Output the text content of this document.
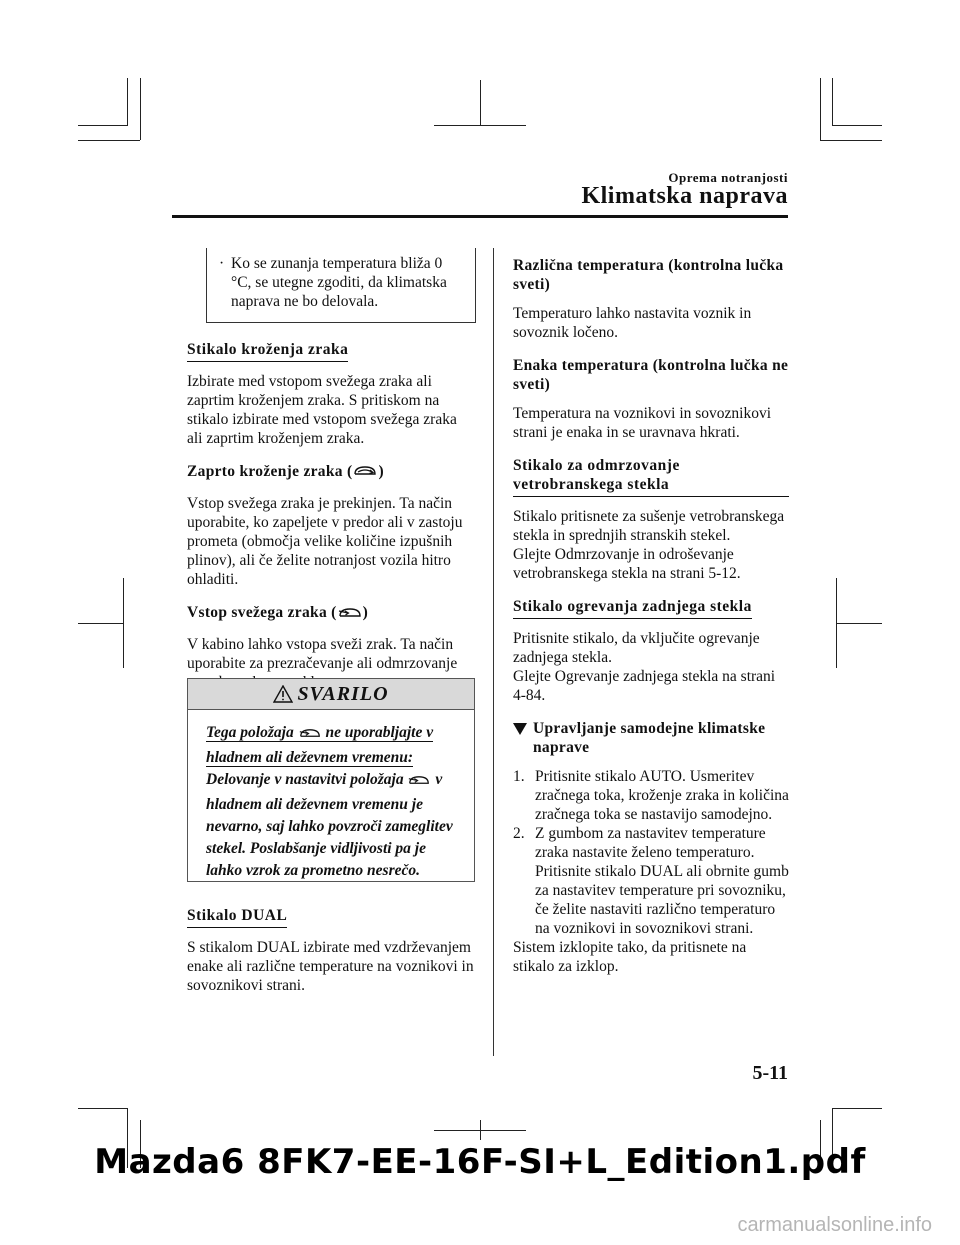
Oprema notranjosti
Klimatska naprava
· Ko se zunanja temperatura bliža 0 °C, se utegne zgoditi, da klimatska naprava ne bo delovala.
Stikalo kroženja zraka

Izbirate med vstopom svežega zraka ali zaprtim kroženjem zraka. S pritiskom na stikalo izbirate med vstopom svežega zraka ali zaprtim kroženjem zraka.

Zaprto kroženje zraka ( )

Vstop svežega zraka je prekinjen. Ta način uporabite, ko zapeljete v predor ali v zastoju prometa (območja velike količine izpušnih plinov), ali če želite notranjost vozila hitro ohladiti.

Vstop svežega zraka ( )

V kabino lahko vstopa sveži zrak. Ta način uporabite za prezračevanje ali odmrzovanje

SVARILO
Tega položaja ne uporabljajte v hladnem ali deževnem vremenu:
Delovanje v nastavitvi položaja v hladnem ali deževnem vremenu je nevarno, saj lahko povzroči zameglitev stekel. Poslabšanje vidljivosti pa je lahko vzrok za prometno nesrečo.
Stikalo DUAL

S stikalom DUAL izbirate med vzdrževanjem enake ali različne temperature na voznikovi in sovoznikovi strani.

Različna temperatura (kontrolna lučka sveti)

Temperaturo lahko nastavita voznik in sovoznik ločeno.

Enaka temperatura (kontrolna lučka ne sveti)

Temperatura na voznikovi in sovoznikovi strani je enaka in se uravnava hkrati.

Stikalo za odmrzovanje vetrobranskega stekla

Stikalo pritisnete za sušenje vetrobranskega stekla in sprednjih stranskih stekel.

Glejte Odmrzovanje in odroševanje vetrobranskega stekla na strani 5-12.

Stikalo ogrevanja zadnjega stekla

Pritisnite stikalo, da vključite ogrevanje zadnjega stekla.

Glejte Ogrevanje zadnjega stekla na strani 4-84.

Upravljanje samodejne klimatske naprave
1. Pritisnite stikalo AUTO. Usmeritev zračnega toka, kroženje zraka in količina zračnega toka se nastavijo samodejno.
2. Z gumbom za nastavitev temperature zraka nastavite želeno temperaturo. Pritisnite stikalo DUAL ali obrnite gumb za nastavitev temperature pri sovozniku, če želite nastaviti različno temperaturo na voznikovi in sovoznikovi strani.

Sistem izklopite tako, da pritisnete na stikalo za izklop.

5-11
Mazda6 8FK7-EE-16F-SI+L_Edition1.pdf
carmanualsonline.info
